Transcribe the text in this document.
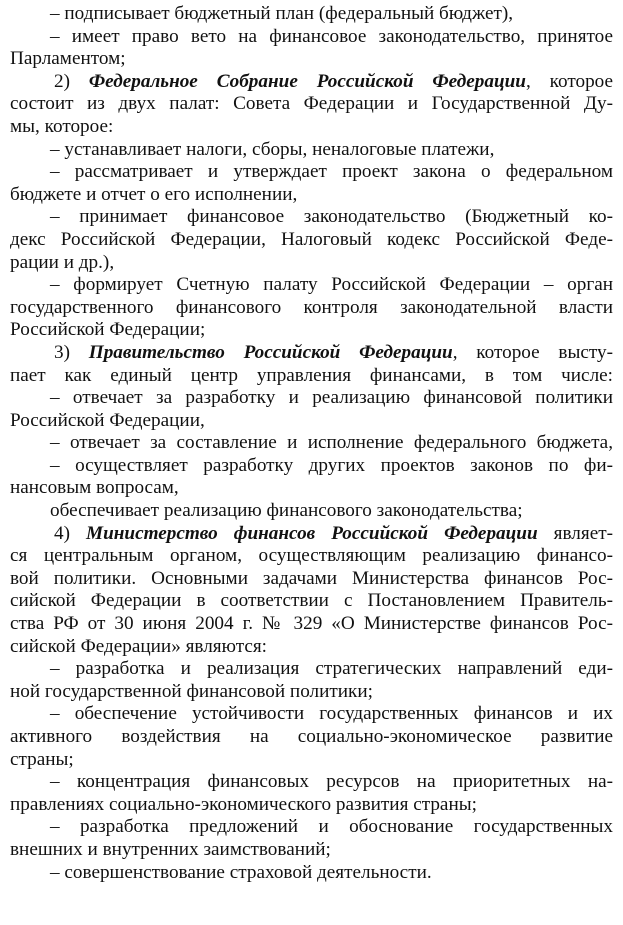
– подписывает бюджетный план (федеральный бюджет),
– имеет право вето на финансовое законодательство, принятое
Парламентом;
2) Федеральное Собрание Российской Федерации, которое
состоит из двух палат: Совета Федерации и Государственной Ду-
мы, которое:
– устанавливает налоги, сборы, неналоговые платежи,
– рассматривает и утверждает проект закона о федеральном
бюджете и отчет о его исполнении,
– принимает финансовое законодательство (Бюджетный ко-
декс Российской Федерации, Налоговый кодекс Российской Феде-
рации и др.),
– формирует Счетную палату Российской Федерации – орган
государственного финансового контроля законодательной власти
Российской Федерации;
3) Правительство Российской Федерации, которое высту-
пает как единый центр управления финансами, в том числе:
– отвечает за разработку и реализацию финансовой политики
Российской Федерации,
– отвечает за составление и исполнение федерального бюджета,
– осуществляет разработку других проектов законов по фи-
нансовым вопросам,
обеспечивает реализацию финансового законодательства;
4) Министерство финансов Российской Федерации являет-
ся центральным органом, осуществляющим реализацию финансо-
вой политики. Основными задачами Министерства финансов Рос-
сийской Федерации в соответствии с Постановлением Правитель-
ства РФ от 30 июня 2004 г. № 329 «О Министерстве финансов Рос-
сийской Федерации» являются:
– разработка и реализация стратегических направлений еди-
ной государственной финансовой политики;
– обеспечение устойчивости государственных финансов и их
активного воздействия на социально-экономическое развитие
страны;
– концентрация финансовых ресурсов на приоритетных на-
правлениях социально-экономического развития страны;
– разработка предложений и обоснование государственных
внешних и внутренних заимствований;
– совершенствование страховой деятельности.
